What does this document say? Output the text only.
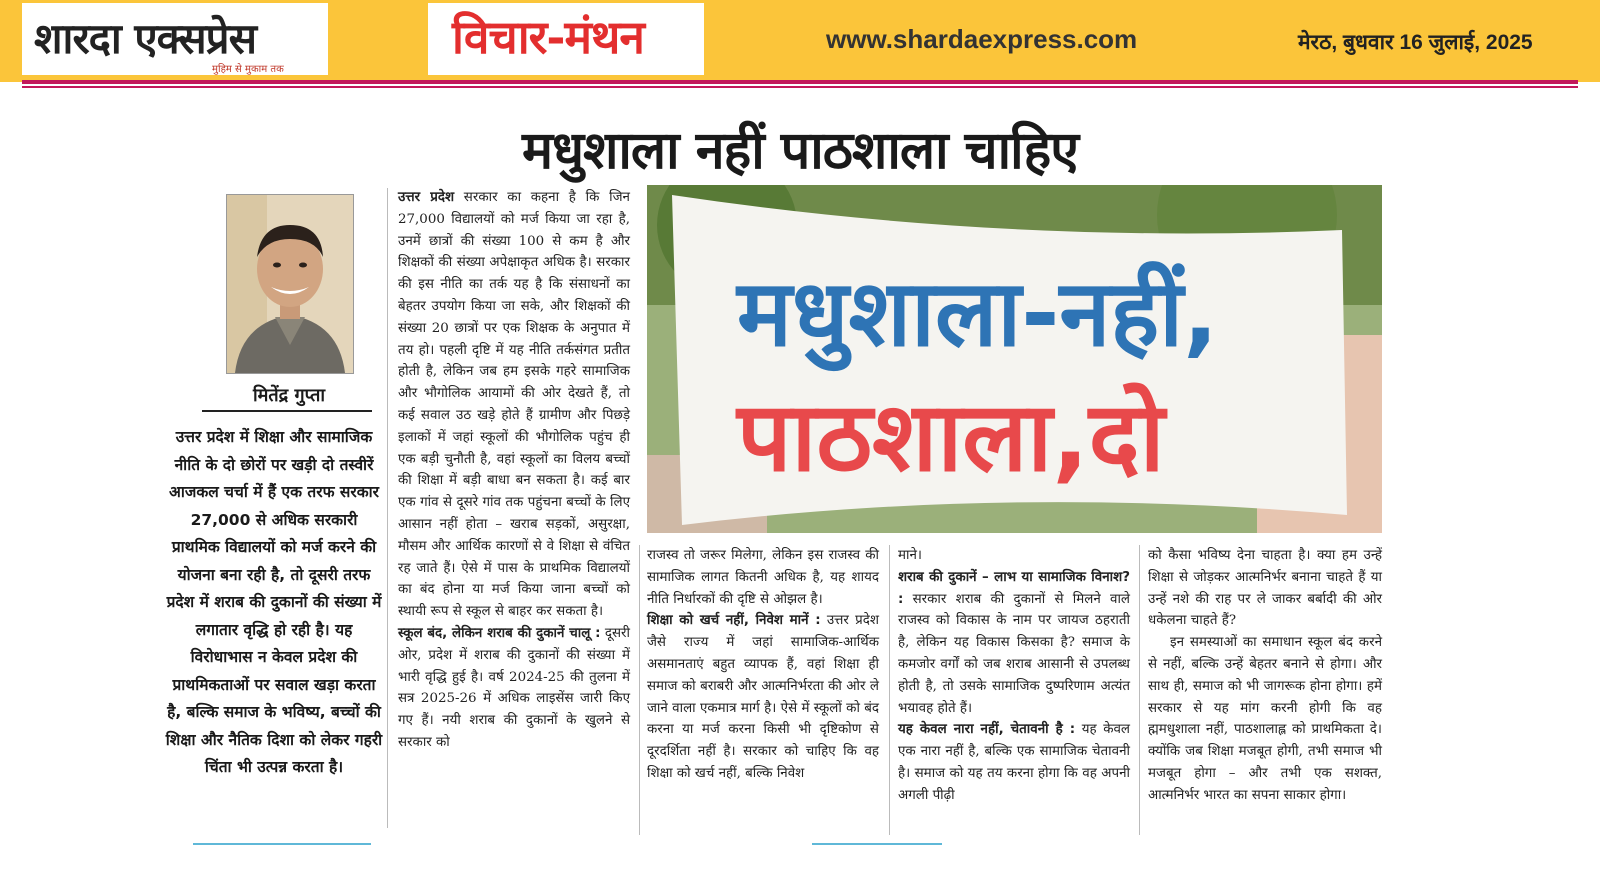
शारदा एक्सप्रेस
मुहिम से मुकाम तक
विचार-मंथन	www.shardaexpress.com	मेरठ, बुधवार 16 जुलाई, 2025
मधुशाला नहीं पाठशाला चाहिए
मितेंद्र गुप्ता
उत्तर प्रदेश में शिक्षा और सामाजिक नीति के दो छोरों पर खड़ी दो तस्वीरें आजकल चर्चा में हैं एक तरफ सरकार 27,000 से अधिक सरकारी प्राथमिक विद्यालयों को मर्ज करने की योजना बना रही है, तो दूसरी तरफ प्रदेश में शराब की दुकानों की संख्या में लगातार वृद्धि हो रही है। यह विरोधाभास न केवल प्रदेश की प्राथमिकताओं पर सवाल खड़ा करता है, बल्कि समाज के भविष्य, बच्चों की शिक्षा और नैतिक दिशा को लेकर गहरी चिंता भी उत्पन्न करता है।

उत्तर प्रदेश सरकार का कहना है कि जिन 27,000 विद्यालयों को मर्ज किया जा रहा है, उनमें छात्रों की संख्या 100 से कम है और शिक्षकों की संख्या अपेक्षाकृत अधिक है। सरकार की इस नीति का तर्क यह है कि संसाधनों का बेहतर उपयोग किया जा सके, और शिक्षकों की संख्या 20 छात्रों पर एक शिक्षक के अनुपात में तय हो। पहली दृष्टि में यह नीति तर्कसंगत प्रतीत होती है, लेकिन जब हम इसके गहरे सामाजिक और भौगोलिक आयामों की ओर देखते हैं, तो कई सवाल उठ खड़े होते हैं ग्रामीण और पिछड़े इलाकों में जहां स्कूलों की भौगोलिक पहुंच ही एक बड़ी चुनौती है, वहां स्कूलों का विलय बच्चों की शिक्षा में बड़ी बाधा बन सकता है। कई बार एक गांव से दूसरे गांव तक पहुंचना बच्चों के लिए आसान नहीं होता – खराब सड़कों, असुरक्षा, मौसम और आर्थिक कारणों से वे शिक्षा से वंचित रह जाते हैं। ऐसे में पास के प्राथमिक विद्यालयों का बंद होना या मर्ज किया जाना बच्चों को स्थायी रूप से स्कूल से बाहर कर सकता है।

स्कूल बंद, लेकिन शराब की दुकानें चालू : दूसरी ओर, प्रदेश में शराब की दुकानों की संख्या में भारी वृद्धि हुई है। वर्ष 2024-25 की तुलना में सत्र 2025-26 में अधिक लाइसेंस जारी किए गए हैं। नयी शराब की दुकानों के खुलने से सरकार को

मधुशाला-नहीं,
पाठशाला,दो

राजस्व तो जरूर मिलेगा, लेकिन इस राजस्व की सामाजिक लागत कितनी अधिक है, यह शायद नीति निर्धारकों की दृष्टि से ओझल है।

शिक्षा को खर्च नहीं, निवेश मानें : उत्तर प्रदेश जैसे राज्य में जहां सामाजिक-आर्थिक असमानताएं बहुत व्यापक हैं, वहां शिक्षा ही समाज को बराबरी और आत्मनिर्भरता की ओर ले जाने वाला एकमात्र मार्ग है। ऐसे में स्कूलों को बंद करना या मर्ज करना किसी भी दृष्टिकोण से दूरदर्शिता नहीं है। सरकार को चाहिए कि वह शिक्षा को खर्च नहीं, बल्कि निवेश

माने।

शराब की दुकानें – लाभ या सामाजिक विनाश? : सरकार शराब की दुकानों से मिलने वाले राजस्व को विकास के नाम पर जायज ठहराती है, लेकिन यह विकास किसका है? समाज के कमजोर वर्गों को जब शराब आसानी से उपलब्ध होती है, तो उसके सामाजिक दुष्परिणाम अत्यंत भयावह होते हैं।

यह केवल नारा नहीं, चेतावनी है : यह केवल एक नारा नहीं है, बल्कि एक सामाजिक चेतावनी है। समाज को यह तय करना होगा कि वह अपनी अगली पीढ़ी

को कैसा भविष्य देना चाहता है। क्या हम उन्हें शिक्षा से जोड़कर आत्मनिर्भर बनाना चाहते हैं या उन्हें नशे की राह पर ले जाकर बर्बादी की ओर धकेलना चाहते हैं?

इन समस्याओं का समाधान स्कूल बंद करने से नहीं, बल्कि उन्हें बेहतर बनाने से होगा। और साथ ही, समाज को भी जागरूक होना होगा। हमें सरकार से यह मांग करनी होगी कि वह ह्ममधुशाला नहीं, पाठशालाह्ल को प्राथमिकता दे। क्योंकि जब शिक्षा मजबूत होगी, तभी समाज भी मजबूत होगा – और तभी एक सशक्त, आत्मनिर्भर भारत का सपना साकार होगा।
